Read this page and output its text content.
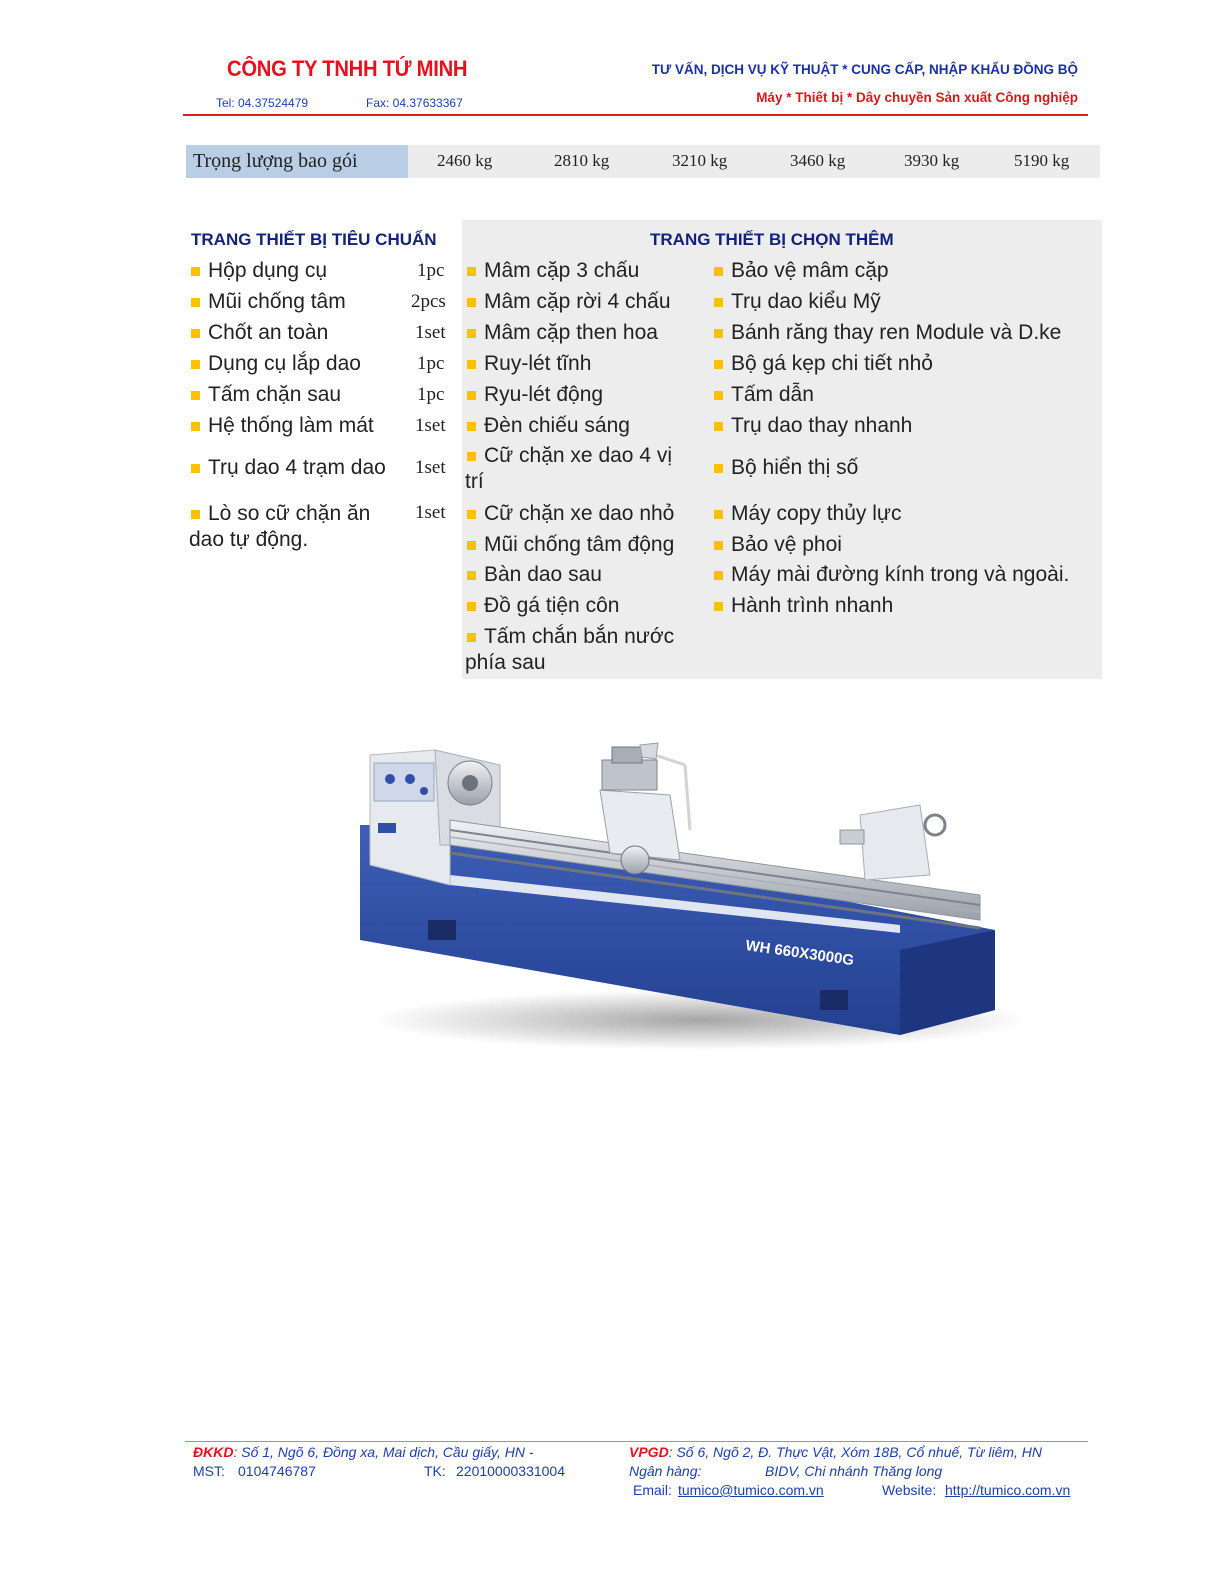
CÔNG TY TNHH TỨ MINH
Tel: 04.37524479	Fax: 04.37633367
TƯ VẤN, DỊCH VỤ KỸ THUẬT * CUNG CẤP, NHẬP KHẨU ĐỒNG BỘ
Máy * Thiết bị * Dây chuyền Sản xuất Công nghiệp
Trọng lượng bao gói	2460 kg	2810 kg	3210 kg	3460 kg	3930 kg	5190 kg
TRANG THIẾT BỊ TIÊU CHUẨN	TRANG THIẾT BỊ CHỌN THÊM
Hộp dụng cụ	1pc
Mũi chống tâm	2pcs
Chốt an toàn	1set
Dụng cụ lắp dao	1pc
Tấm chặn sau	1pc
Hệ thống làm mát 1set
Trụ dao 4 trạm dao 1set
Lò so cữ chặn ăn
dao tự động.
1set
Mâm cặp 3 chấu
Mâm cặp rời 4 chấu
Mâm cặp then hoa
Ruy-lét tĩnh
Ryu-lét động
Đèn chiếu sáng
Cữ chặn xe dao 4 vị
trí
Cữ chặn xe dao nhỏ
Mũi chống tâm động
Bàn dao sau
Đồ gá tiện côn
Tấm chắn bắn nước
phía sau
Bảo vệ mâm cặp
Trụ dao kiểu Mỹ
Bánh răng thay ren Module và D.ke
Bộ gá kẹp chi tiết nhỏ
Tấm dẫn
Trụ dao thay nhanh
Bộ hiển thị số
Máy copy thủy lực
Bảo vệ phoi
Máy mài đường kính trong và ngoài.
Hành trình nhanh
WH 660X3000G
ĐKKD: Số 1, Ngõ 6, Đồng xa, Mai dịch, Cầu giấy, HN -	VPGD: Số 6, Ngõ 2, Đ. Thực Vật, Xóm 18B, Cổ nhuế, Từ liêm, HN
MST: 0104746787	TK: 22010000331004	Ngân hàng:	BIDV, Chi nhánh Thăng long
Email: tumico@tumico.com.vn	Website: http://tumico.com.vn
